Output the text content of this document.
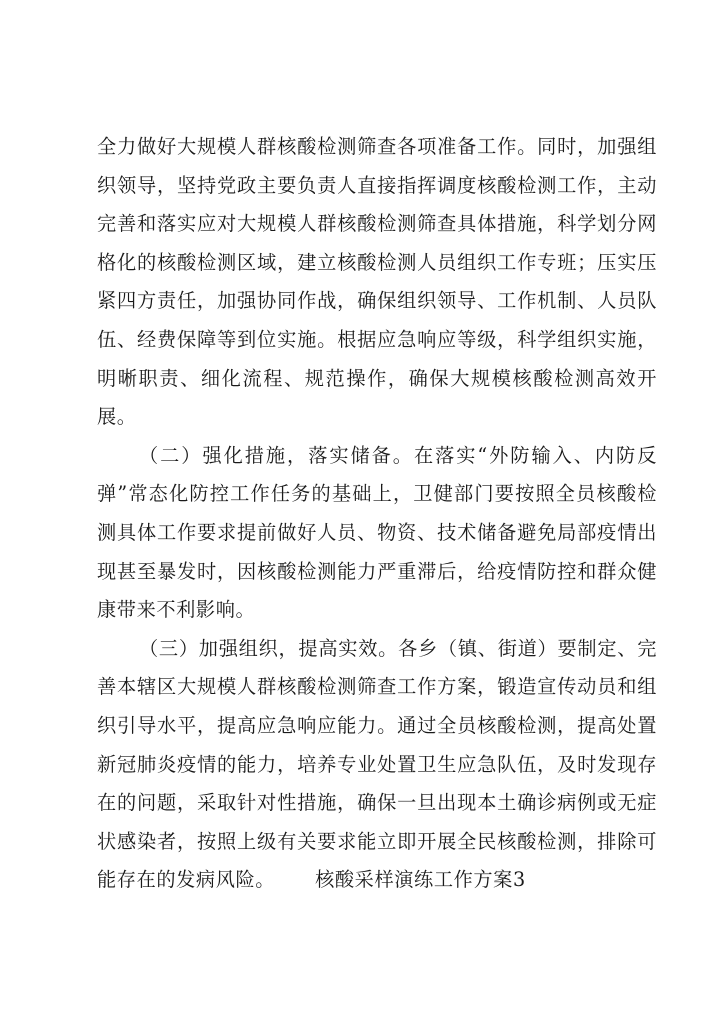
全力做好大规模人群核酸检测筛查各项准备工作。同时，加强组
织领导，坚持党政主要负责人直接指挥调度核酸检测工作，主动
完善和落实应对大规模人群核酸检测筛查具体措施，科学划分网
格化的核酸检测区域，建立核酸检测人员组织工作专班；压实压
紧四方责任，加强协同作战，确保组织领导、工作机制、人员队
伍、经费保障等到位实施。根据应急响应等级，科学组织实施，
明晰职责、细化流程、规范操作，确保大规模核酸检测高效开
展。
（二）强化措施，落实储备。在落实“外防输入、内防反
弹”常态化防控工作任务的基础上，卫健部门要按照全员核酸检
测具体工作要求提前做好人员、物资、技术储备避免局部疫情出
现甚至暴发时，因核酸检测能力严重滞后，给疫情防控和群众健
康带来不利影响。
（三）加强组织，提高实效。各乡（镇、街道）要制定、完
善本辖区大规模人群核酸检测筛查工作方案，锻造宣传动员和组
织引导水平，提高应急响应能力。通过全员核酸检测，提高处置
新冠肺炎疫情的能力，培养专业处置卫生应急队伍，及时发现存
在的问题，采取针对性措施，确保一旦出现本土确诊病例或无症
状感染者，按照上级有关要求能立即开展全民核酸检测，排除可
能存在的发病风险。 核酸采样演练工作方案3
